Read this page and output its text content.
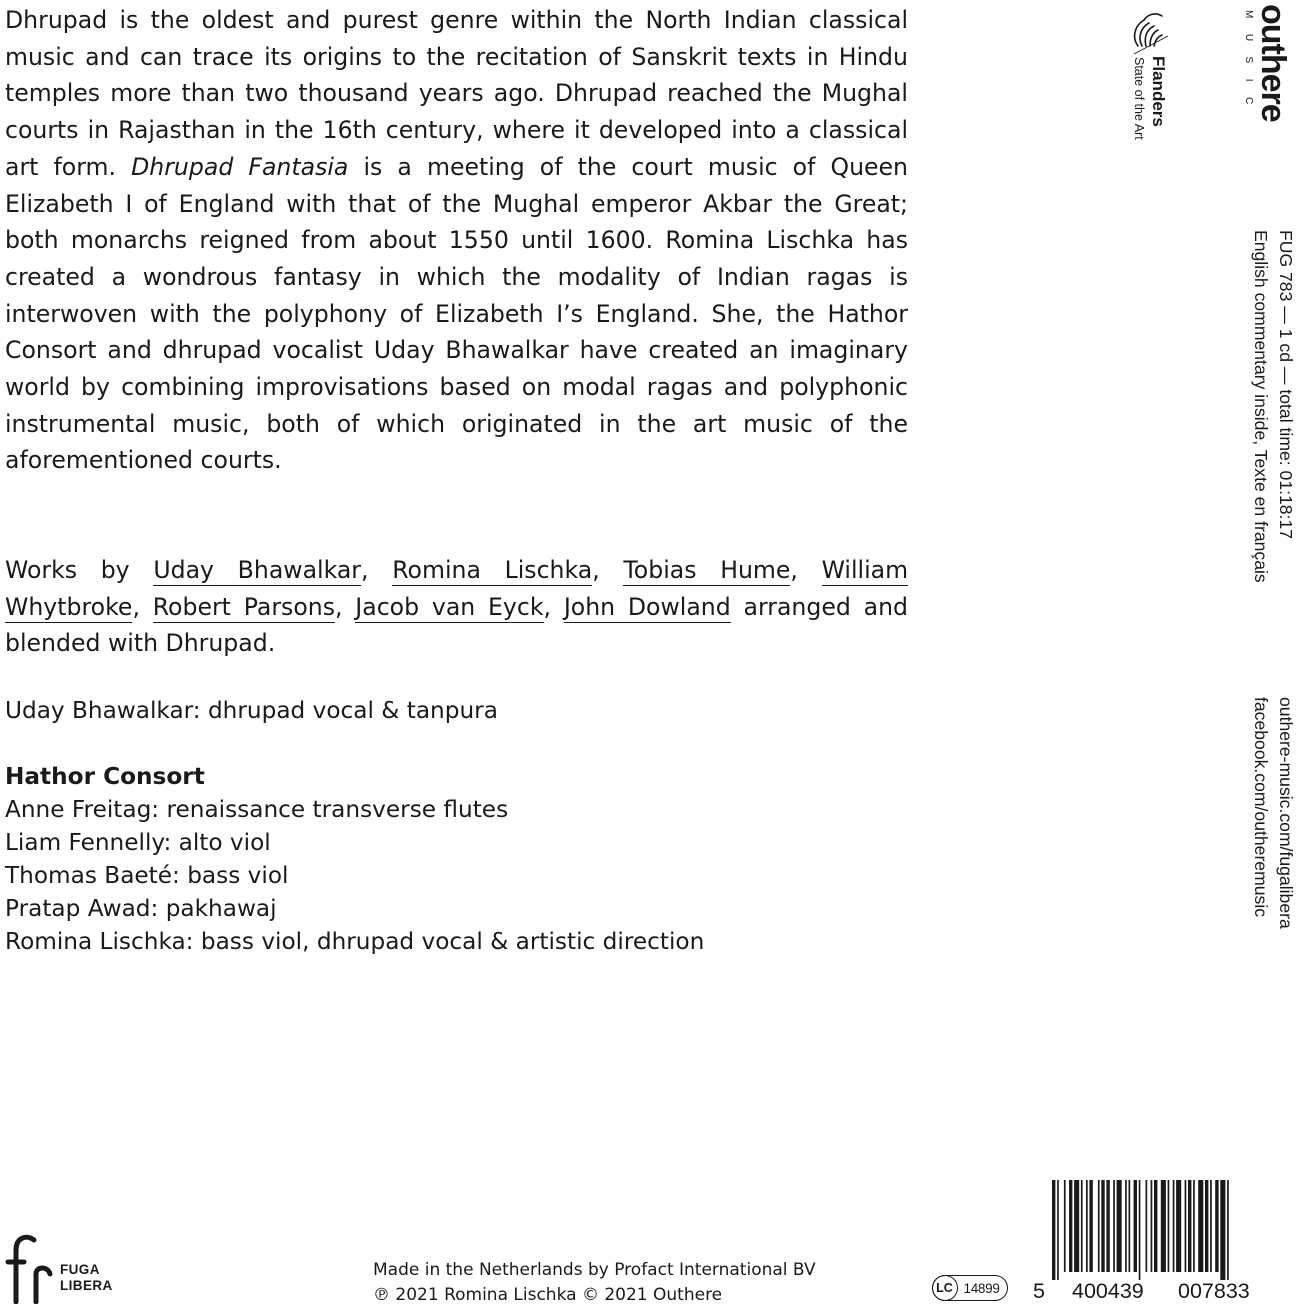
Dhrupad is the oldest and purest genre within the North Indian classical music and can trace its origins to the recitation of Sanskrit texts in Hindu temples more than two thousand years ago. Dhrupad reached the Mughal courts in Rajasthan in the 16th century, where it developed into a classical art form. Dhrupad Fantasia is a meeting of the court music of Queen Elizabeth I of England with that of the Mughal emperor Akbar the Great; both monarchs reigned from about 1550 until 1600. Romina Lischka has created a wondrous fantasy in which the modality of Indian ragas is interwoven with the polyphony of Elizabeth I’s England. She, the Hathor Consort and dhrupad vocalist Uday Bhawalkar have created an imaginary world by combining improvisations based on modal ragas and polyphonic instrumental music, both of which originated in the art music of the aforementioned courts.

Works by Uday Bhawalkar, Romina Lischka, Tobias Hume, William Whytbroke, Robert Parsons, Jacob van Eyck, John Dowland arranged and blended with Dhrupad.

Uday Bhawalkar: dhrupad vocal & tanpura

Hathor Consort
Anne Freitag: renaissance transverse flutes
Liam Fennelly: alto viol
Thomas Baeté: bass viol
Pratap Awad: pakhawaj
Romina Lischka: bass viol, dhrupad vocal & artistic direction
outhere
MUSIC
Flanders
State of the Art
FUG 783 — 1 cd — total time: 01:18:17
English commentary inside, Texte en français
outhere-music.com/fugalibera
facebook.com/outheremusic
FUGA
LIBERA
Made in the Netherlands by Profact International BV
℗ 2021 Romina Lischka © 2021 Outhere	LC 14899 5 400439 007833
